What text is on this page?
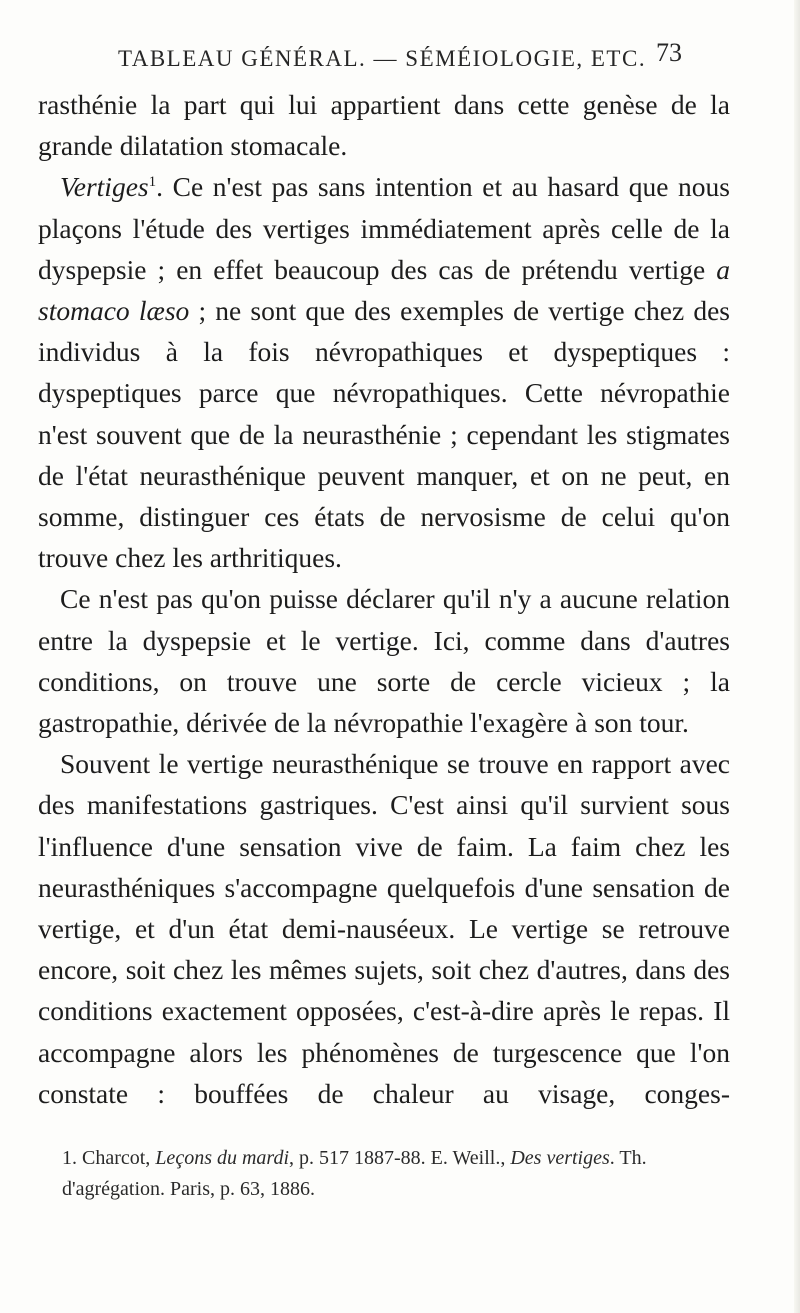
TABLEAU GÉNÉRAL. — SÉMÉIOLOGIE, ETC. 73

rasthénie la part qui lui appartient dans cette genèse de la grande dilatation stomacale.

Vertiges$^1$. Ce n'est pas sans intention et au hasard que nous plaçons l'étude des vertiges immédiatement après celle de la dyspepsie ; en effet beaucoup des cas de prétendu vertige a stomaco læso ; ne sont que des exemples de vertige chez des individus à la fois névropathiques et dyspeptiques : dyspeptiques parce que névropathiques. Cette névropathie n'est souvent que de la neurasthénie ; cependant les stigmates de l'état neurasthénique peuvent manquer, et on ne peut, en somme, distinguer ces états de nervosisme de celui qu'on trouve chez les arthritiques.

Ce n'est pas qu'on puisse déclarer qu'il n'y a aucune relation entre la dyspepsie et le vertige. Ici, comme dans d'autres conditions, on trouve une sorte de cercle vicieux ; la gastropathie, dérivée de la névropathie l'exagère à son tour.

Souvent le vertige neurasthénique se trouve en rapport avec des manifestations gastriques. C'est ainsi qu'il survient sous l'influence d'une sensation vive de faim. La faim chez les neurasthéniques s'accompagne quelquefois d'une sensation de vertige, et d'un état demi-nauséeux. Le vertige se retrouve encore, soit chez les mêmes sujets, soit chez d'autres, dans des conditions exactement opposées, c'est-à-dire après le repas. Il accompagne alors les phénomènes de turgescence que l'on constate : bouffées de chaleur au visage, conges-

1. Charcot, Leçons du mardi, p. 517 1887-88. E. Weill., Des vertiges. Th. d'agrégation. Paris, p. 63, 1886.
